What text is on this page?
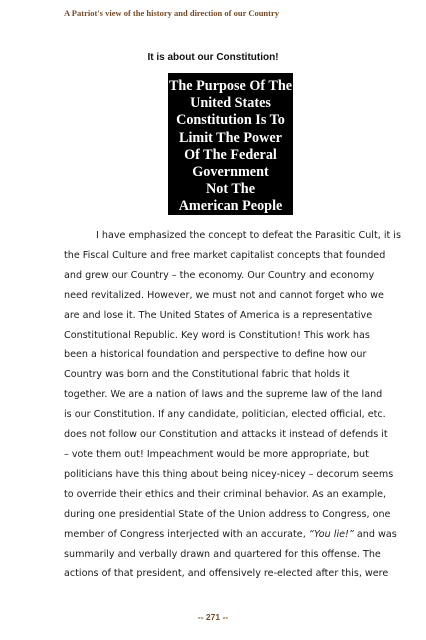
A Patriot's view of the history and direction of our Country
It is about our Constitution!
The Purpose Of The
United States
Constitution Is To
Limit The Power
Of The Federal
Government
Not The
American People
I have emphasized the concept to defeat the Parasitic Cult, it is
the Fiscal Culture and free market capitalist concepts that founded
and grew our Country – the economy. Our Country and economy
need revitalized. However, we must not and cannot forget who we
are and lose it. The United States of America is a representative
Constitutional Republic. Key word is Constitution! This work has
been a historical foundation and perspective to define how our
Country was born and the Constitutional fabric that holds it
together. We are a nation of laws and the supreme law of the land
is our Constitution. If any candidate, politician, elected official, etc.
does not follow our Constitution and attacks it instead of defends it
– vote them out! Impeachment would be more appropriate, but
politicians have this thing about being nicey-nicey – decorum seems
to override their ethics and their criminal behavior. As an example,
during one presidential State of the Union address to Congress, one
member of Congress interjected with an accurate, “You lie!” and was
summarily and verbally drawn and quartered for this offense. The
actions of that president, and offensively re-elected after this, were
-- 271 --
